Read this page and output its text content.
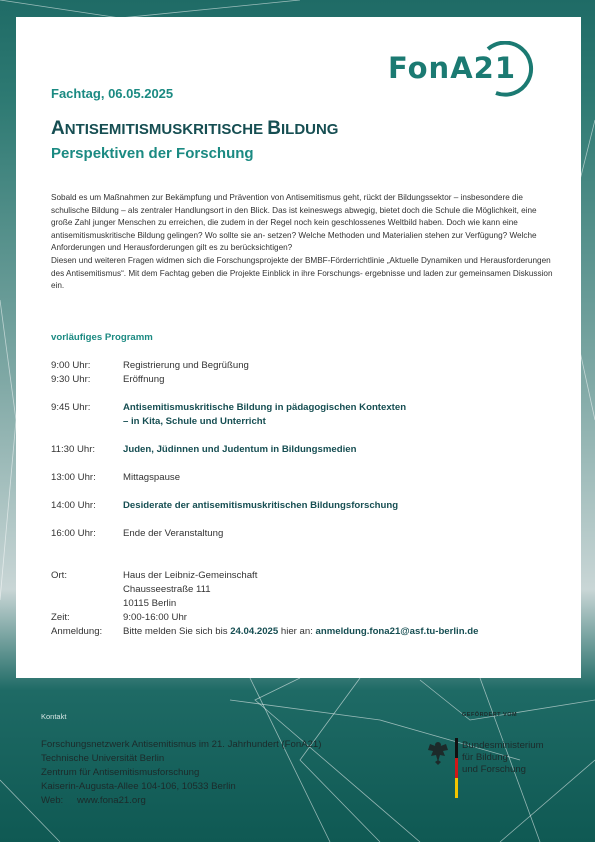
FonA21
Fachtag, 06.05.2025
ANTISEMITISMUSKRITISCHE BILDUNG
Perspektiven der Forschung

Sobald es um Maßnahmen zur Bekämpfung und Prävention von Antisemitismus geht, rückt der Bildungssektor – insbesondere die schulische Bildung – als zentraler Handlungsort in den Blick. Das ist keineswegs abwegig, bietet doch die Schule die Möglichkeit, eine große Zahl junger Menschen zu erreichen, die zudem in der Regel noch kein geschlossenes Weltbild haben. Doch wie kann eine antisemitismuskritische Bildung gelingen? Wo sollte sie an- setzen? Welche Methoden und Materialien stehen zur Verfügung? Welche Anforderungen und Herausforderungen gilt es zu berücksichtigen?

Diesen und weiteren Fragen widmen sich die Forschungsprojekte der BMBF-Förderrichtlinie „Aktuelle Dynamiken und Herausforderungen des Antisemitismus“. Mit dem Fachtag geben die Projekte Einblick in ihre Forschungs- ergebnisse und laden zur gemeinsamen Diskussion ein.

vorläufiges Programm
9:00 Uhr:	Registrierung und Begrüßung
9:30 Uhr:	Eröffnung
9:45 Uhr:	Antisemitismuskritische Bildung in pädagogischen Kontexten
– in Kita, Schule und Unterricht
11:30 Uhr:	Juden, Jüdinnen und Judentum in Bildungsmedien
13:00 Uhr:	Mittagspause
14:00 Uhr:	Desiderate der antisemitismuskritischen Bildungsforschung
16:00 Uhr:	Ende der Veranstaltung
Ort:	Haus der Leibniz-Gemeinschaft
Chausseestraße 111
10115 Berlin
Zeit:	9:00-16:00 Uhr
Anmeldung:	Bitte melden Sie sich bis 24.04.2025 hier an: anmeldung.fona21@asf.tu-berlin.de
Kontakt
Forschungsnetzwerk Antisemitismus im 21. Jahrhundert (FonA21)
Technische Universität Berlin
Zentrum für Antisemitismusforschung
Kaiserin-Augusta-Allee 104-106, 10533 Berlin
Web: www.fona21.org
GEFÖRDERT VOM
Bundesministerium
für Bildung
und Forschung
